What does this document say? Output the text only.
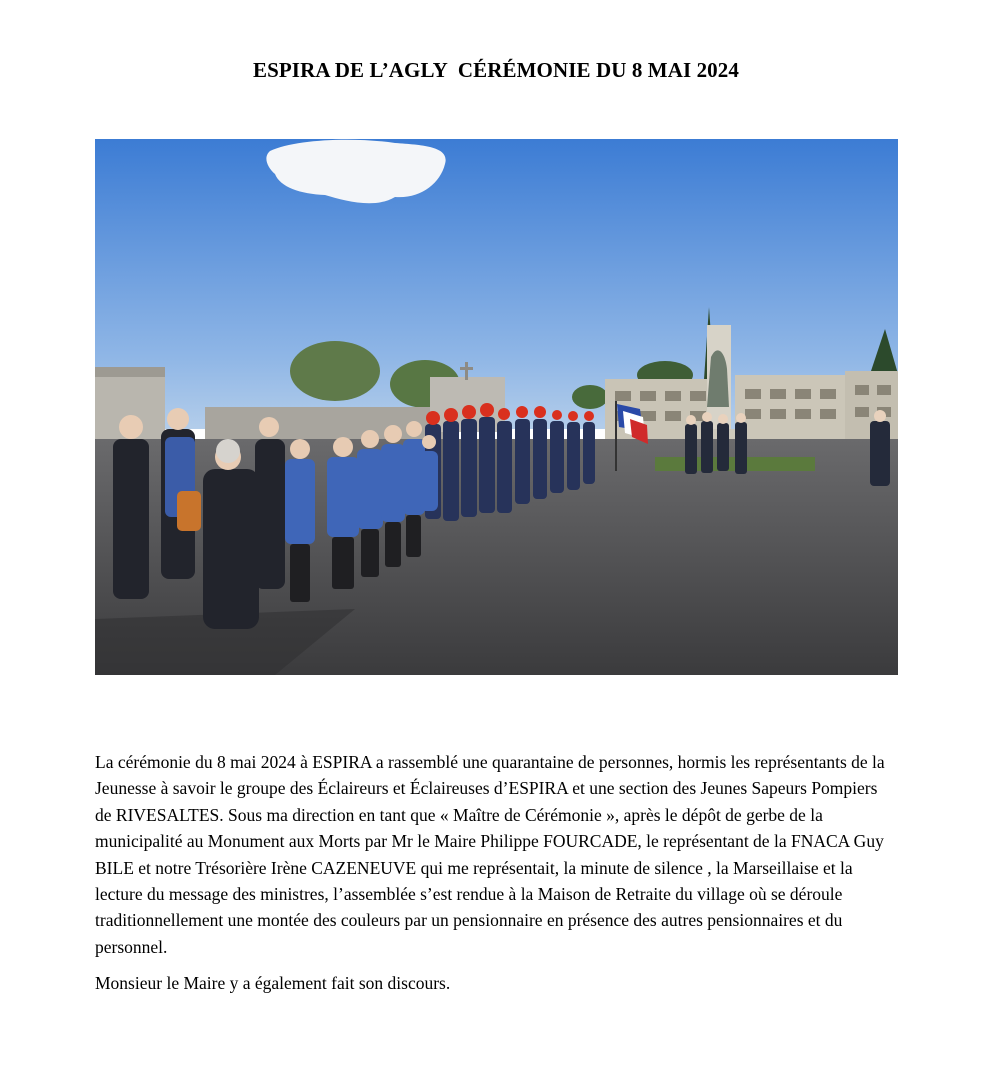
ESPIRA DE L’AGLY  CÉRÉMONIE DU 8 MAI 2024

La cérémonie du 8 mai 2024 à ESPIRA a rassemblé une quarantaine de personnes, hormis les représentants de la Jeunesse à savoir le groupe des Éclaireurs et Éclaireuses d’ESPIRA et une section des Jeunes Sapeurs Pompiers de RIVESALTES. Sous ma direction en tant que « Maître de Cérémonie », après le dépôt de gerbe de la municipalité au Monument aux Morts par Mr le Maire Philippe FOURCADE, le représentant de la FNACA Guy BILE et notre Trésorière Irène CAZENEUVE qui me représentait, la minute de silence , la Marseillaise et la lecture du message des ministres, l’assemblée s’est rendue à la Maison de Retraite du village où se déroule traditionnellement une montée des couleurs par un pensionnaire en présence des autres pensionnaires et du personnel.

Monsieur le Maire y a également fait son discours.
